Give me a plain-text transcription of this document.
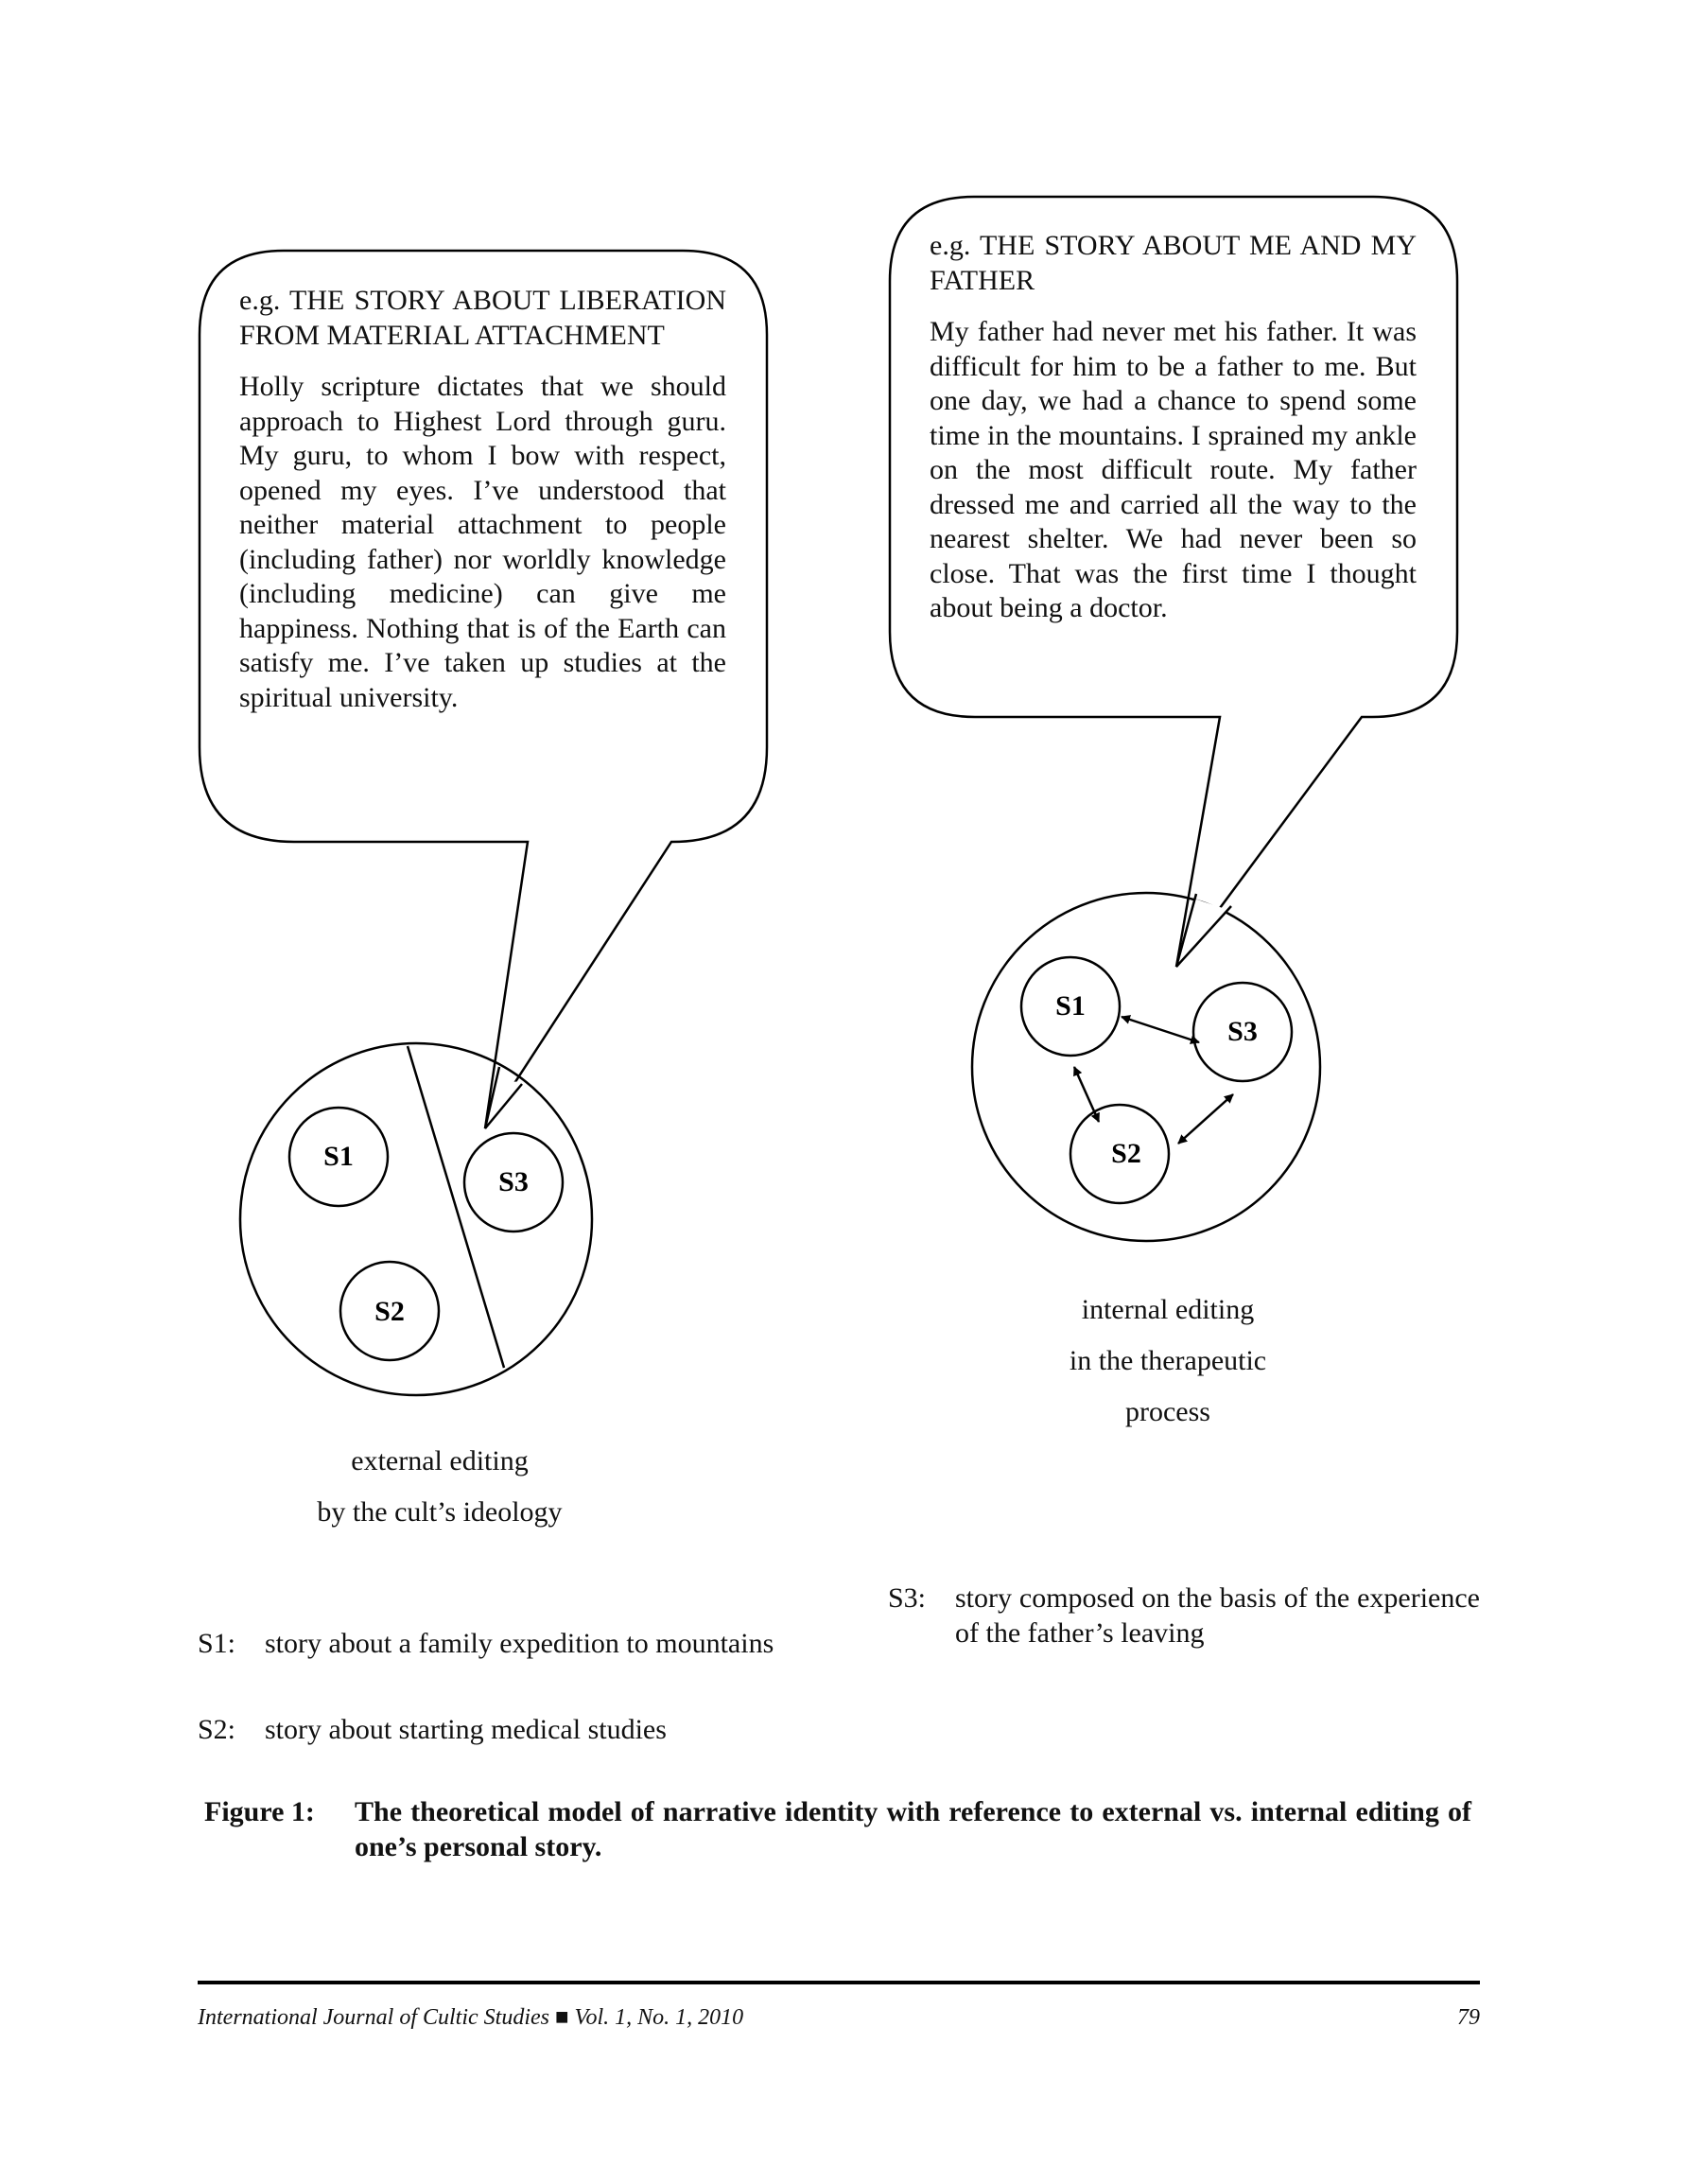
S1
S2
S3
S1
S2
S3
e.g. THE STORY ABOUT LIBERATION FROM MATERIAL ATTACHMENT
Holly scripture dictates that we should approach to Highest Lord through guru. My guru, to whom I bow with respect, opened my eyes. I’ve understood that neither material attachment to people (including father) nor worldly knowledge (including medicine) can give me happiness. Nothing that is of the Earth can satisfy me. I’ve taken up studies at the spiritual university.
e.g. THE STORY ABOUT ME AND MY FATHER
My father had never met his father. It was difficult for him to be a father to me. But one day, we had a chance to spend some time in the mountains. I sprained my ankle on the most difficult route. My father dressed me and carried all the way to the nearest shelter. We had never been so close. That was the first time I thought about being a doctor.
external editing
by the cult’s ideology
internal editing
in the therapeutic
process
S1: story about a family expedition to mountains
S2: story about starting medical studies
S3: story composed on the basis of the experience of the father’s leaving
Figure 1: The theoretical model of narrative identity with reference to external vs. internal editing of one’s personal story.
International Journal of Cultic Studies ■ Vol. 1, No. 1, 2010	79
